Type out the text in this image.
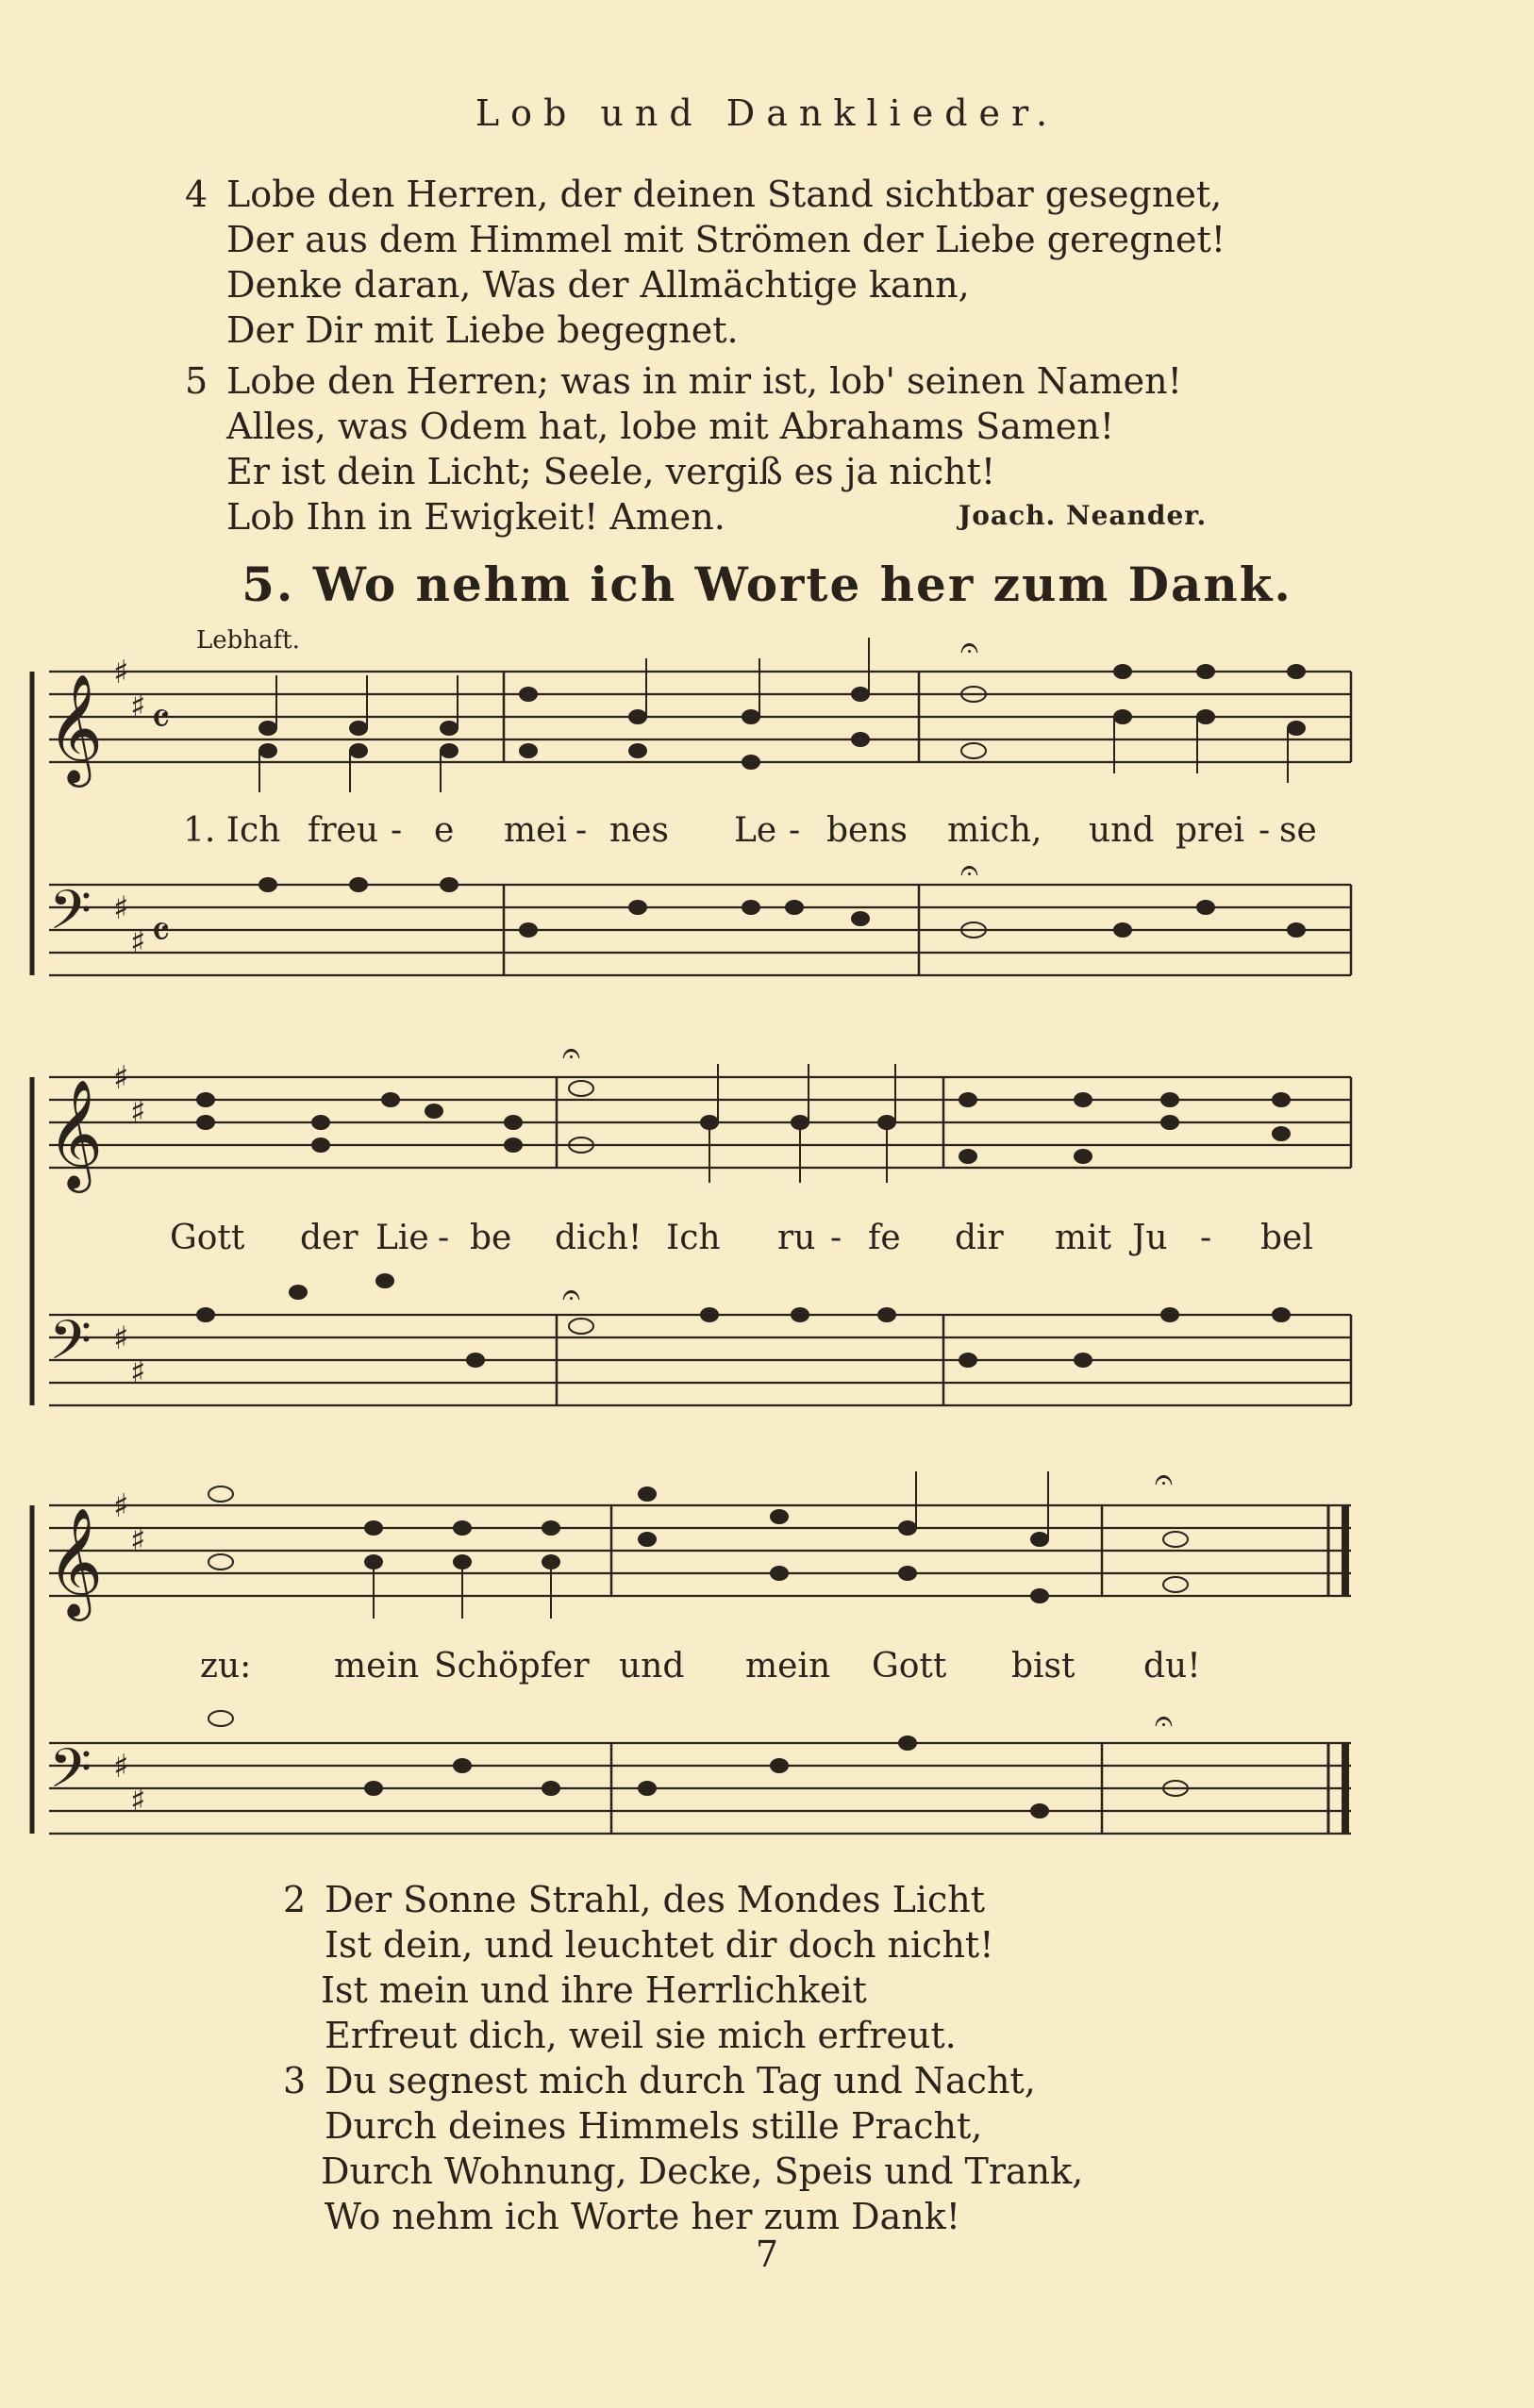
Lob und Danklieder.
4 Lobe den Herren, der deinen Stand sichtbar gesegnet,
Der aus dem Himmel mit Strömen der Liebe geregnet!
Denke daran, Was der Allmächtige kann,
Der Dir mit Liebe begegnet.
5 Lobe den Herren; was in mir ist, lob' seinen Namen!
Alles, was Odem hat, lobe mit Abrahams Samen!
Er ist dein Licht; Seele, vergiß es ja nicht!
Lob Ihn in Ewigkeit! Amen.	Joach. Neander.
5. Wo nehm ich Worte her zum Dank.
Lebhaft.
𝄞
𝄞
𝄞
𝄢
𝄢
𝄢
♯
♯
♯
♯
♯
♯
♯
♯
♯
♯
♯
♯
𝄴
𝄴
𝄐
𝄐
𝄐
𝄐
𝄐
𝄐
1. Ich freu - e mei - nes Le - bens mich, und prei - se
Gott der Lie - be dich! Ich ru - fe dir mit Ju - bel
zu: mein Schöpfer und mein Gott bist du!
2 Der Sonne Strahl, des Mondes Licht
Ist dein, und leuchtet dir doch nicht!
Ist mein und ihre Herrlichkeit
Erfreut dich, weil sie mich erfreut.
3 Du segnest mich durch Tag und Nacht,
Durch deines Himmels stille Pracht,
Durch Wohnung, Decke, Speis und Trank,
Wo nehm ich Worte her zum Dank!
7
